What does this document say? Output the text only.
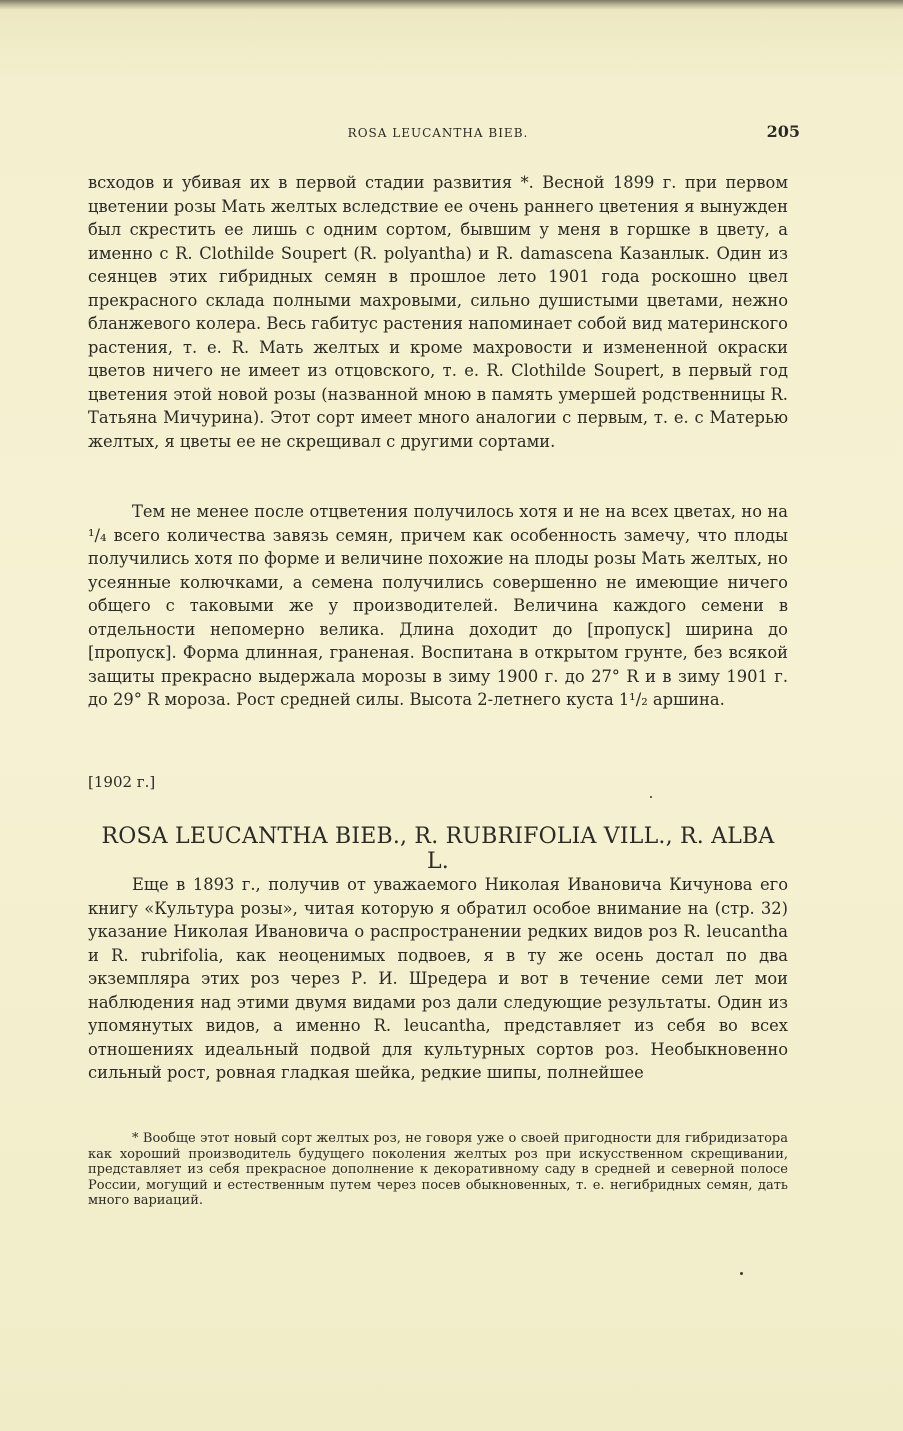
ROSA LEUCANTHA BIEB.	205

всходов и убивая их в первой стадии развития *. Весной 1899 г. при первом цветении розы Мать желтых вследствие ее очень раннего цветения я вынужден был скрестить ее лишь с одним сортом, бывшим у меня в горшке в цвету, а именно с R. Clothilde Soupert (R. polyantha) и R. damascena Казанлык. Один из сеянцев этих гибридных семян в прошлое лето 1901 года роскошно цвел прекрасного склада полными махровыми, сильно душистыми цветами, нежно бланжевого колера. Весь габитус растения напоминает собой вид материнского растения, т. е. R. Мать желтых и кроме махровости и измененной окраски цветов ничего не имеет из отцовского, т. е. R. Clothilde Soupert, в первый год цветения этой новой розы (названной мною в память умершей родственницы R. Татьяна Мичурина). Этот сорт имеет много аналогии с первым, т. е. с Матерью желтых, я цветы ее не скрещивал с другими сортами.

Тем не менее после отцветения получилось хотя и не на всех цветах, но на ¹/₄ всего количества завязь семян, причем как особенность замечу, что плоды получились хотя по форме и величине похожие на плоды розы Мать желтых, но усеянные колючками, а семена получились совершенно не имеющие ничего общего с таковыми же у производителей. Величина каждого семени в отдельности непомерно велика. Длина доходит до [пропуск] ширина до [пропуск]. Форма длинная, граненая. Воспитана в открытом грунте, без всякой защиты прекрасно выдержала морозы в зиму 1900 г. до 27° R и в зиму 1901 г. до 29° R мороза. Рост средней силы. Высота 2-летнего куста 1¹/₂ аршина.

[1902 г.]
ROSA LEUCANTHA BIEB., R. RUBRIFOLIA VILL., R. ALBA L.

Еще в 1893 г., получив от уважаемого Николая Ивановича Кичунова его книгу «Культура розы», читая которую я обратил особое внимание на (стр. 32) указание Николая Ивановича о распространении редких видов роз R. leucantha и R. rubrifolia, как неоценимых подвоев, я в ту же осень достал по два экземпляра этих роз через Р. И. Шредера и вот в течение семи лет мои наблюдения над этими двумя видами роз дали следующие результаты. Один из упомянутых видов, а именно R. leucantha, представляет из себя во всех отношениях идеальный подвой для культурных сортов роз. Необыкновенно сильный рост, ровная гладкая шейка, редкие шипы, полнейшее

* Вообще этот новый сорт желтых роз, не говоря уже о своей пригодности для гибридизатора как хороший производитель будущего поколения желтых роз при искусственном скрещивании, представляет из себя прекрасное дополнение к декоративному саду в средней и северной полосе России, могущий и естественным путем через посев обыкновенных, т. е. негибридных семян, дать много вариаций.
